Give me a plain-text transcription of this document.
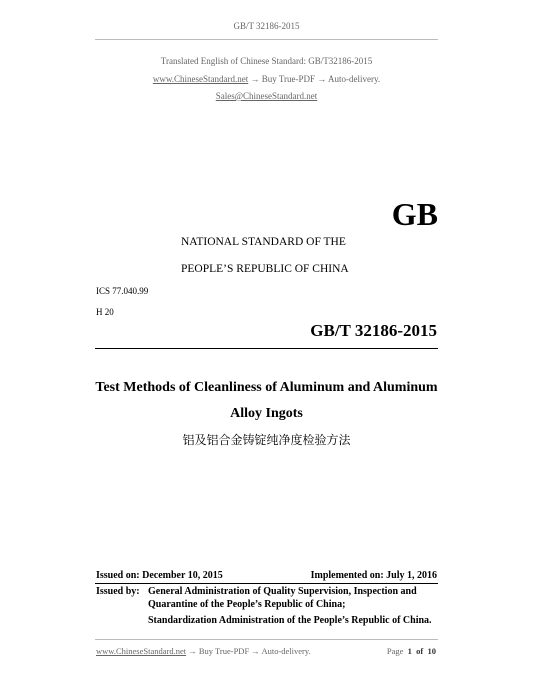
GB/T 32186-2015
Translated English of Chinese Standard: GB/T32186-2015
www.ChineseStandard.net → Buy True-PDF → Auto-delivery.
Sales@ChineseStandard.net
GB
NATIONAL STANDARD OF THE
PEOPLE’S REPUBLIC OF CHINA
ICS 77.040.99
H 20
GB/T 32186-2015
Test Methods of Cleanliness of Aluminum and Aluminum
Alloy Ingots
铝及铝合金铸锭纯净度检验方法
Issued on: December 10, 2015	Implemented on: July 1, 2016
Issued by: General Administration of Quality Supervision, Inspection and
Quarantine of the People’s Republic of China;
Standardization Administration of the People’s Republic of China.
www.ChineseStandard.net → Buy True-PDF → Auto-delivery.	Page 1 of 10
